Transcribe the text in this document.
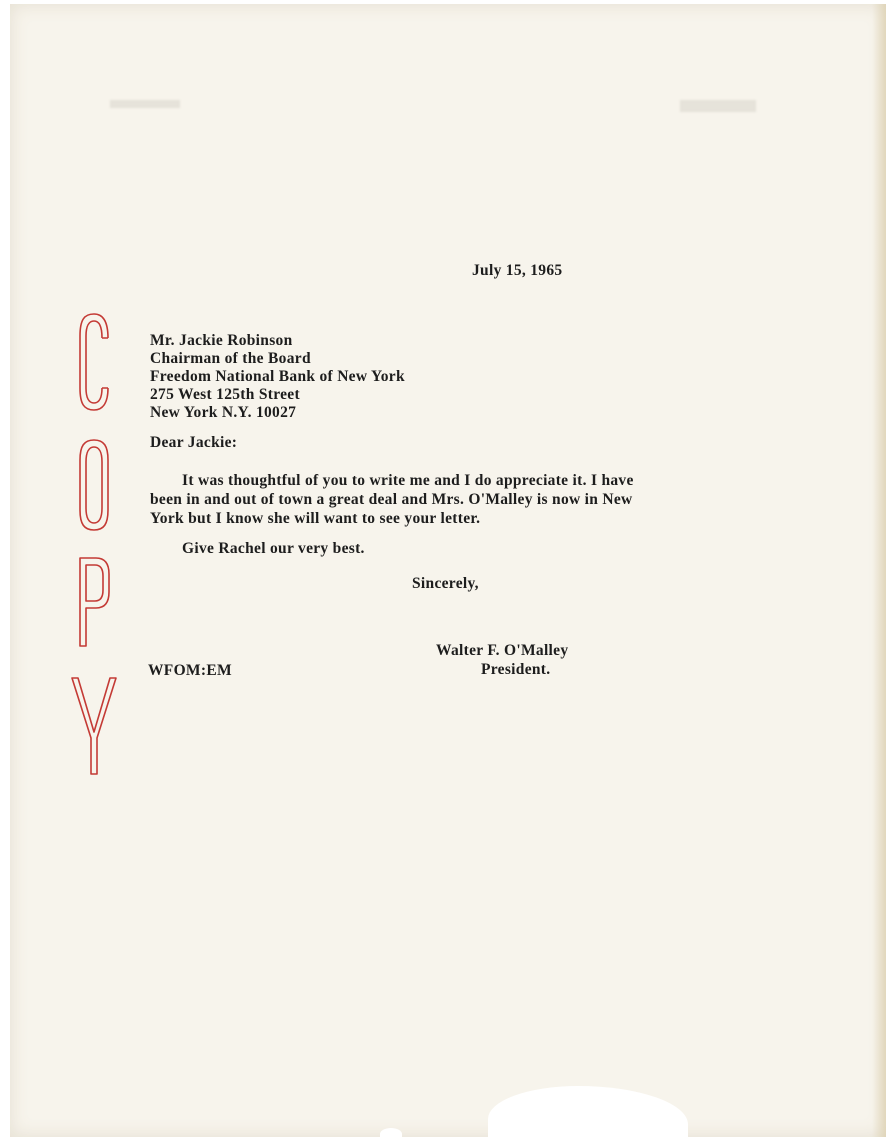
July 15, 1965

Mr. Jackie Robinson

Chairman of the Board

Freedom National Bank of New York

275 West 125th Street

New York N.Y. 10027

Dear Jackie:

It was thoughtful of you to write me and I do appreciate it. I have

been in and out of town a great deal and Mrs. O'Malley is now in New

York but I know she will want to see your letter.

Give Rachel our very best.

Sincerely,

Walter F. O'Malley

President.

WFOM:EM
